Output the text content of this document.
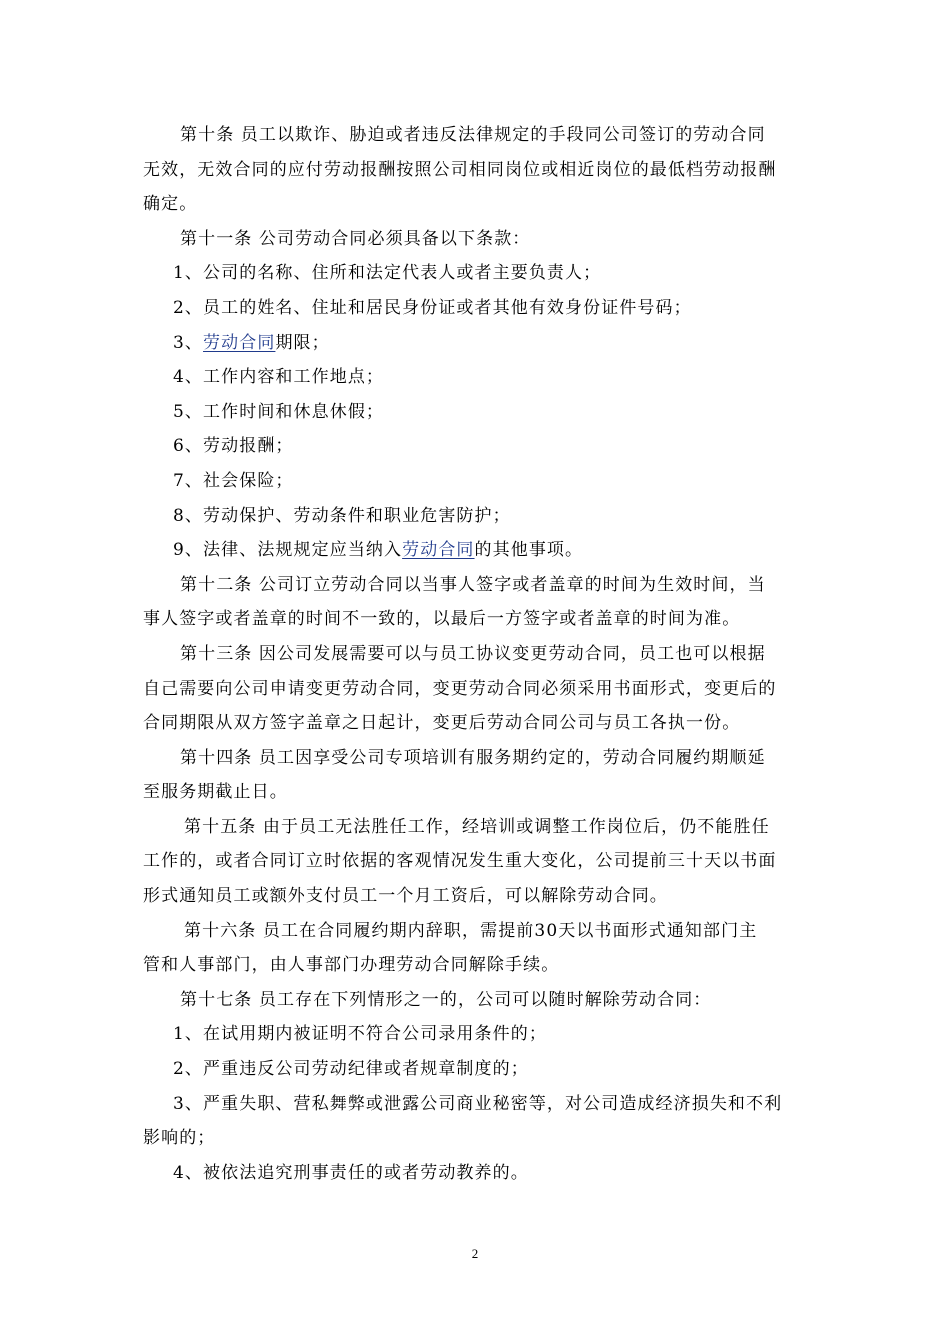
第十条 员工以欺诈、胁迫或者违反法律规定的手段同公司签订的劳动合同
无效，无效合同的应付劳动报酬按照公司相同岗位或相近岗位的最低档劳动报酬
确定。
第十一条 公司劳动合同必须具备以下条款：
1、公司的名称、住所和法定代表人或者主要负责人；
2、员工的姓名、住址和居民身份证或者其他有效身份证件号码；
3、劳动合同期限；
4、工作内容和工作地点；
5、工作时间和休息休假；
6、劳动报酬；
7、社会保险；
8、劳动保护、劳动条件和职业危害防护；
9、法律、法规规定应当纳入劳动合同的其他事项。
第十二条 公司订立劳动合同以当事人签字或者盖章的时间为生效时间，当
事人签字或者盖章的时间不一致的，以最后一方签字或者盖章的时间为准。
第十三条 因公司发展需要可以与员工协议变更劳动合同，员工也可以根据
自己需要向公司申请变更劳动合同，变更劳动合同必须采用书面形式，变更后的
合同期限从双方签字盖章之日起计，变更后劳动合同公司与员工各执一份。
第十四条 员工因享受公司专项培训有服务期约定的，劳动合同履约期顺延
至服务期截止日。
第十五条 由于员工无法胜任工作，经培训或调整工作岗位后，仍不能胜任
工作的，或者合同订立时依据的客观情况发生重大变化，公司提前三十天以书面
形式通知员工或额外支付员工一个月工资后，可以解除劳动合同。
第十六条 员工在合同履约期内辞职，需提前30天以书面形式通知部门主
管和人事部门，由人事部门办理劳动合同解除手续。
第十七条 员工存在下列情形之一的，公司可以随时解除劳动合同：
1、在试用期内被证明不符合公司录用条件的；
2、严重违反公司劳动纪律或者规章制度的；
3、严重失职、营私舞弊或泄露公司商业秘密等，对公司造成经济损失和不利
影响的；
4、被依法追究刑事责任的或者劳动教养的。
2
